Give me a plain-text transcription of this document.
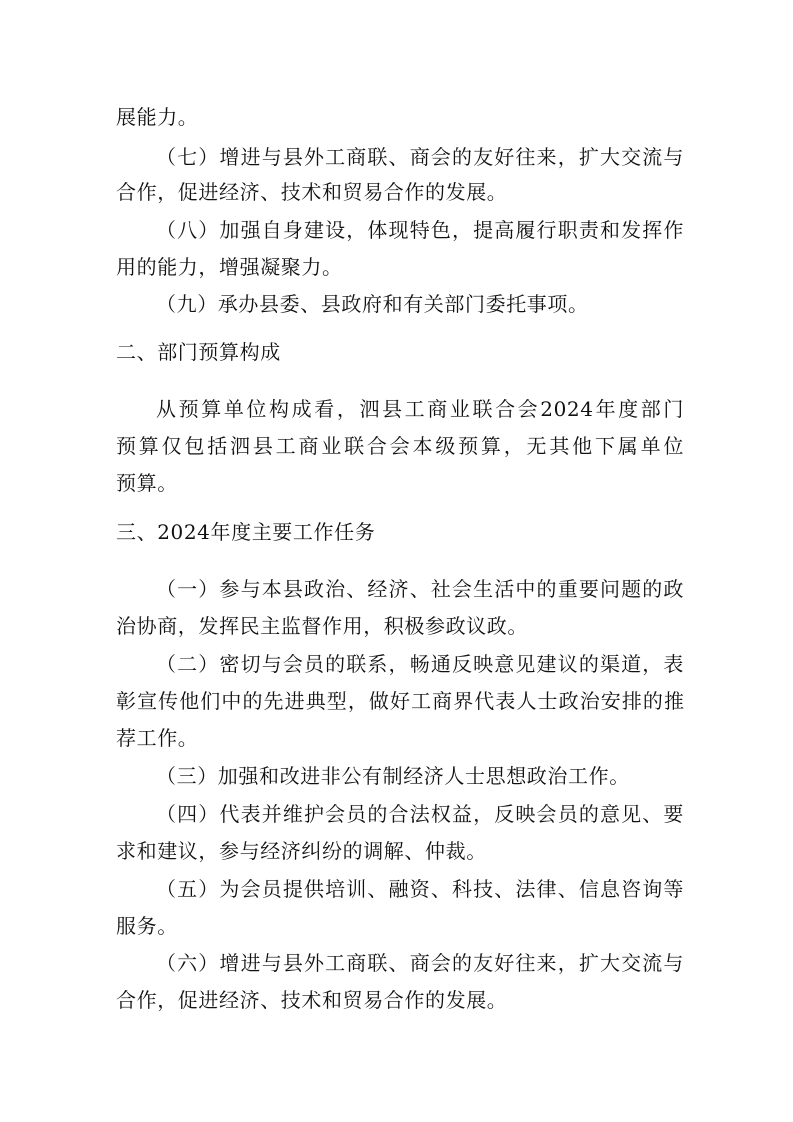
展能力。
（七）增进与县外工商联、商会的友好往来，扩大交流与
合作，促进经济、技术和贸易合作的发展。
（八）加强自身建设，体现特色，提高履行职责和发挥作
用的能力，增强凝聚力。
（九）承办县委、县政府和有关部门委托事项。
二、部门预算构成
从预算单位构成看，泗县工商业联合会2024年度部门
预算仅包括泗县工商业联合会本级预算，无其他下属单位
预算。
三、2024年度主要工作任务
（一）参与本县政治、经济、社会生活中的重要问题的政
治协商，发挥民主监督作用，积极参政议政。
（二）密切与会员的联系，畅通反映意见建议的渠道，表
彰宣传他们中的先进典型，做好工商界代表人士政治安排的推
荐工作。
（三）加强和改进非公有制经济人士思想政治工作。
（四）代表并维护会员的合法权益，反映会员的意见、要
求和建议，参与经济纠纷的调解、仲裁。
（五）为会员提供培训、融资、科技、法律、信息咨询等
服务。
（六）增进与县外工商联、商会的友好往来，扩大交流与
合作，促进经济、技术和贸易合作的发展。
